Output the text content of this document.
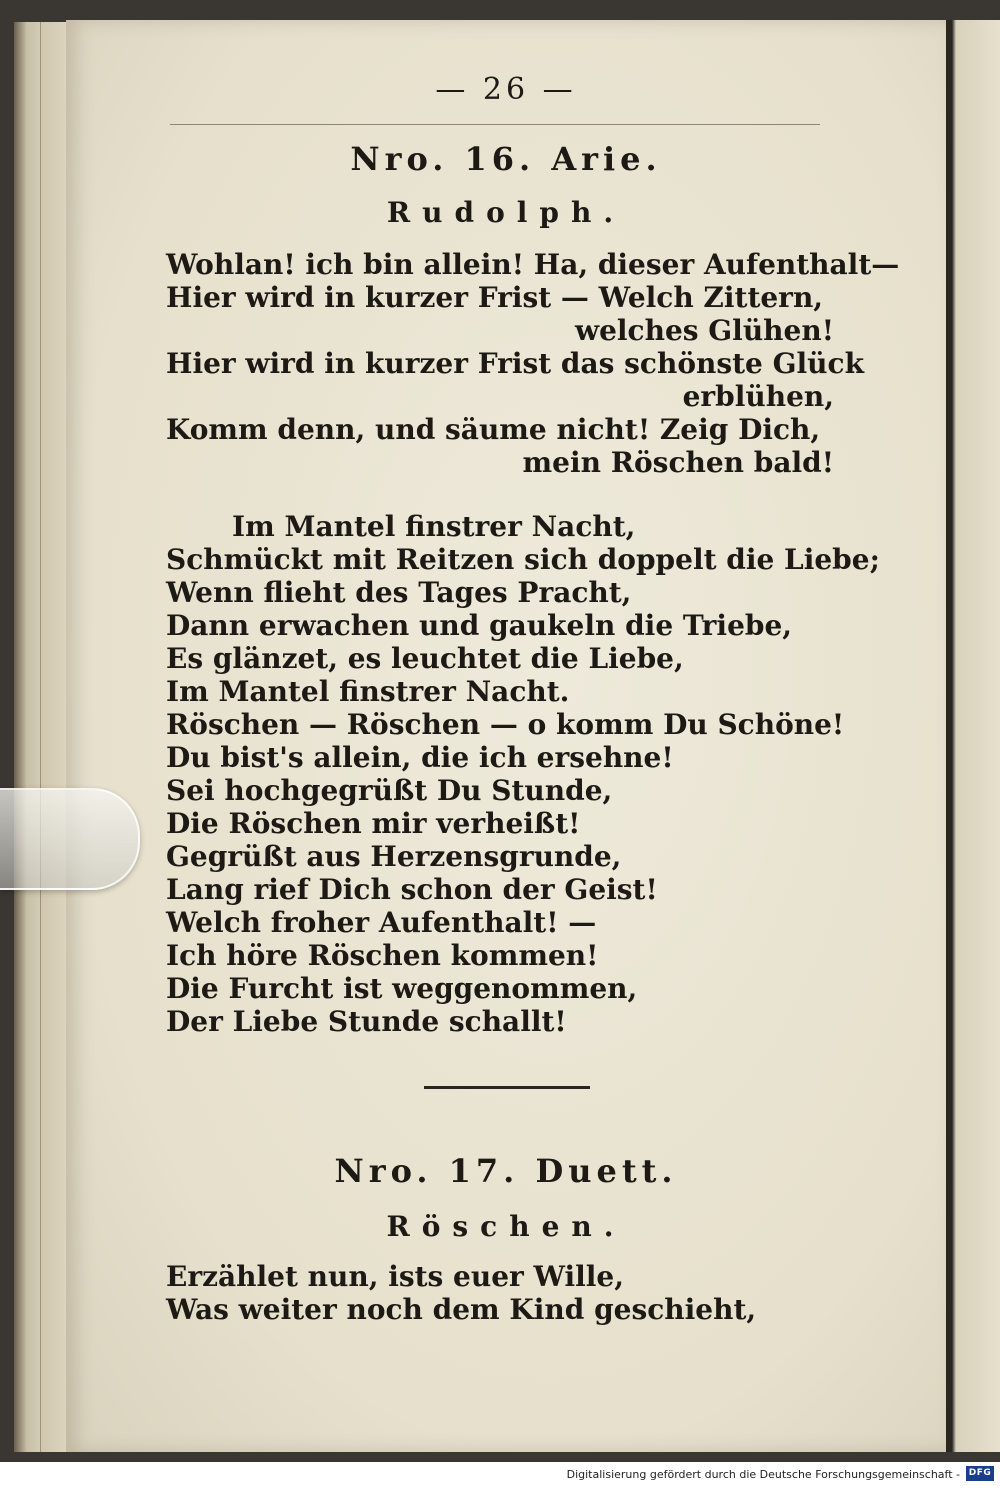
— 26 —
Nro. 16. Arie.
Rudolph.
Wohlan! ich bin allein! Ha, dieser Aufenthalt—
Hier wird in kurzer Frist — Welch Zittern,
welches Glühen!
Hier wird in kurzer Frist das schönste Glück
erblühen,
Komm denn, und säume nicht! Zeig Dich,
mein Röschen bald!
Im Mantel finstrer Nacht,
Schmückt mit Reitzen sich doppelt die Liebe;
Wenn flieht des Tages Pracht,
Dann erwachen und gaukeln die Triebe,
Es glänzet, es leuchtet die Liebe,
Im Mantel finstrer Nacht.
Röschen — Röschen — o komm Du Schöne!
Du bist's allein, die ich ersehne!
Sei hochgegrüßt Du Stunde,
Die Röschen mir verheißt!
Gegrüßt aus Herzensgrunde,
Lang rief Dich schon der Geist!
Welch froher Aufenthalt! —
Ich höre Röschen kommen!
Die Furcht ist weggenommen,
Der Liebe Stunde schallt!
Nro. 17. Duett.
Röschen.
Erzählet nun, ists euer Wille,
Was weiter noch dem Kind geschieht,
Digitalisierung gefördert durch die Deutsche Forschungsgemeinschaft - DFG
